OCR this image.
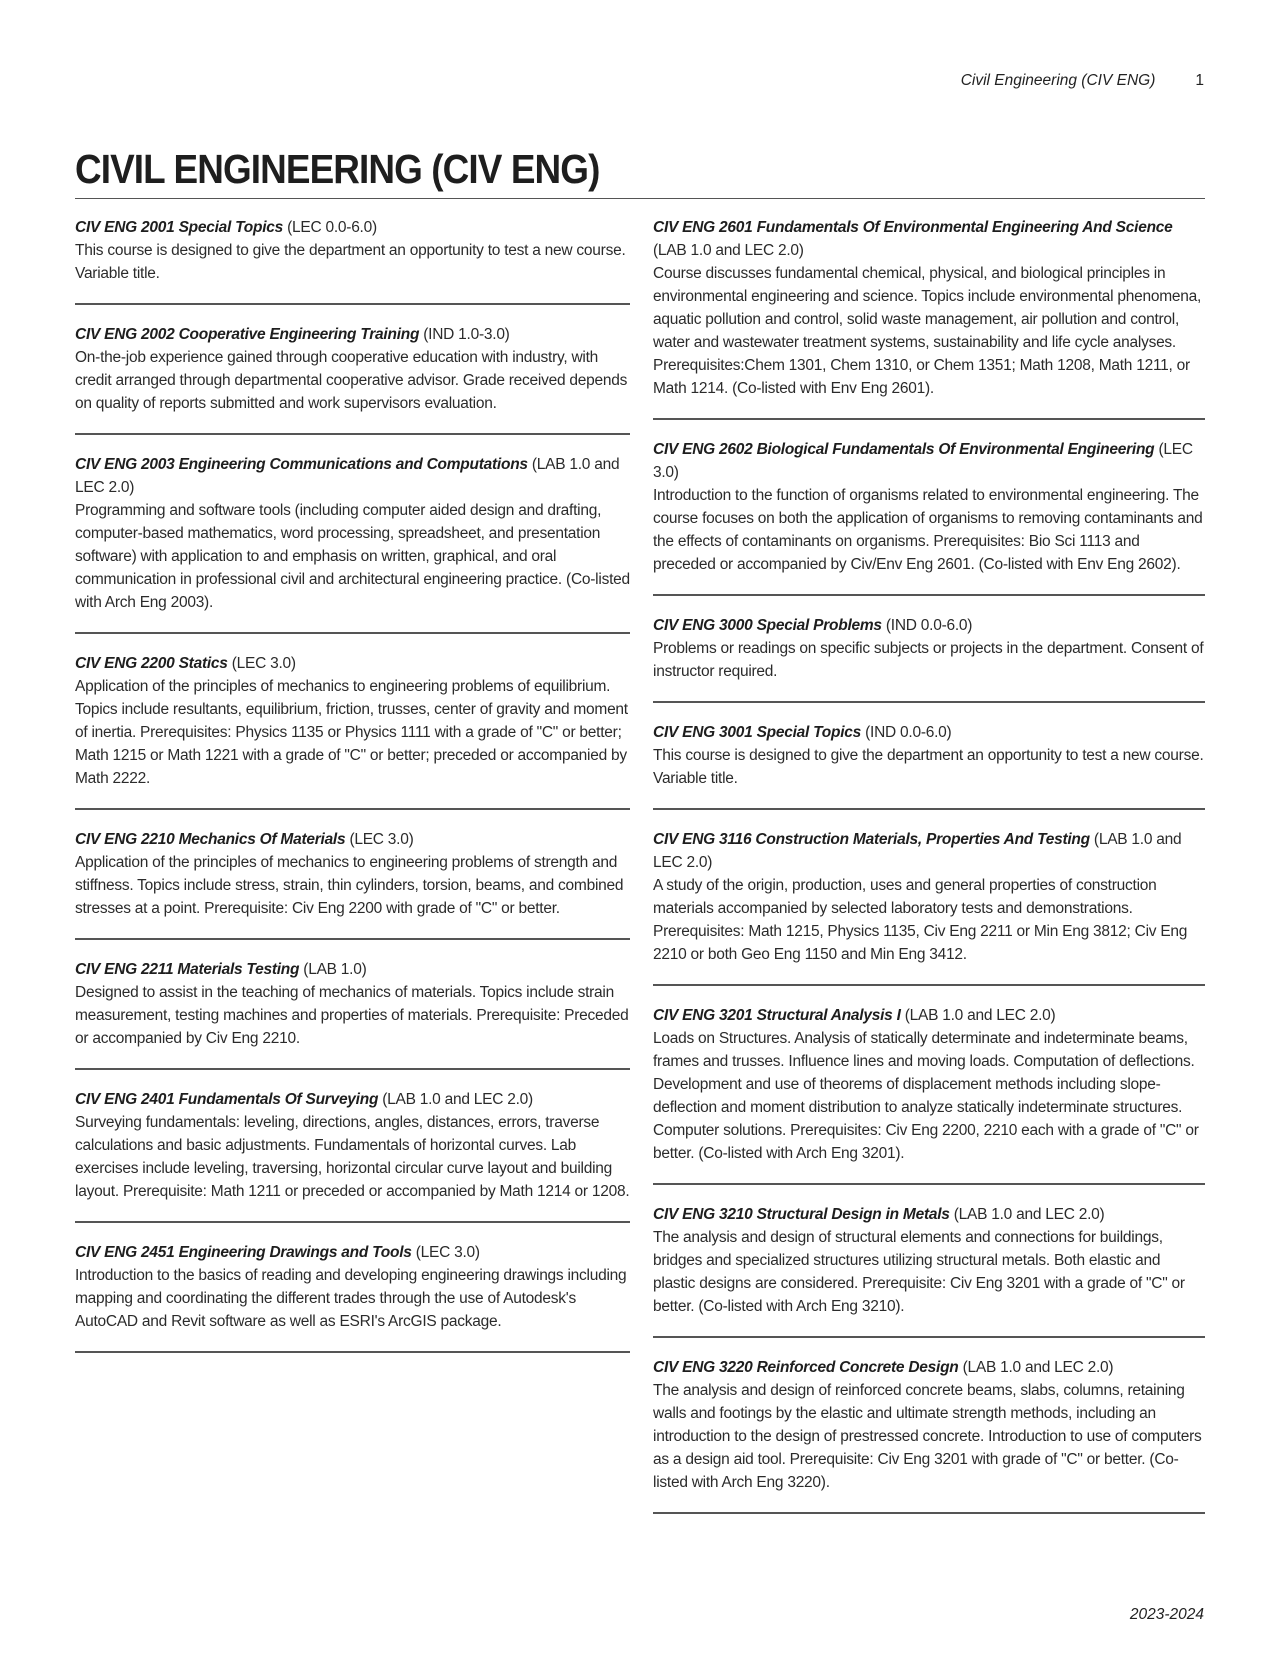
Civil Engineering (CIV ENG)	1
CIVIL ENGINEERING (CIV ENG)
CIV ENG 2001 Special Topics (LEC 0.0-6.0)
This course is designed to give the department an opportunity to test a new course. Variable title.
CIV ENG 2002 Cooperative Engineering Training (IND 1.0-3.0)
On-the-job experience gained through cooperative education with industry, with credit arranged through departmental cooperative advisor. Grade received depends on quality of reports submitted and work supervisors evaluation.
CIV ENG 2003 Engineering Communications and Computations (LAB 1.0 and LEC 2.0)
Programming and software tools (including computer aided design and drafting, computer-based mathematics, word processing, spreadsheet, and presentation software) with application to and emphasis on written, graphical, and oral communication in professional civil and architectural engineering practice. (Co-listed with Arch Eng 2003).
CIV ENG 2200 Statics (LEC 3.0)
Application of the principles of mechanics to engineering problems of equilibrium. Topics include resultants, equilibrium, friction, trusses, center of gravity and moment of inertia. Prerequisites: Physics 1135 or Physics 1111 with a grade of "C" or better; Math 1215 or Math 1221 with a grade of "C" or better; preceded or accompanied by Math 2222.
CIV ENG 2210 Mechanics Of Materials (LEC 3.0)
Application of the principles of mechanics to engineering problems of strength and stiffness. Topics include stress, strain, thin cylinders, torsion, beams, and combined stresses at a point. Prerequisite: Civ Eng 2200 with grade of "C" or better.
CIV ENG 2211 Materials Testing (LAB 1.0)
Designed to assist in the teaching of mechanics of materials. Topics include strain measurement, testing machines and properties of materials. Prerequisite: Preceded or accompanied by Civ Eng 2210.
CIV ENG 2401 Fundamentals Of Surveying (LAB 1.0 and LEC 2.0)
Surveying fundamentals: leveling, directions, angles, distances, errors, traverse calculations and basic adjustments. Fundamentals of horizontal curves. Lab exercises include leveling, traversing, horizontal circular curve layout and building layout. Prerequisite: Math 1211 or preceded or accompanied by Math 1214 or 1208.
CIV ENG 2451 Engineering Drawings and Tools (LEC 3.0)
Introduction to the basics of reading and developing engineering drawings including mapping and coordinating the different trades through the use of Autodesk's AutoCAD and Revit software as well as ESRI's ArcGIS package.
CIV ENG 2601 Fundamentals Of Environmental Engineering And Science (LAB 1.0 and LEC 2.0)
Course discusses fundamental chemical, physical, and biological principles in environmental engineering and science. Topics include environmental phenomena, aquatic pollution and control, solid waste management, air pollution and control, water and wastewater treatment systems, sustainability and life cycle analyses. Prerequisites:Chem 1301, Chem 1310, or Chem 1351; Math 1208, Math 1211, or Math 1214. (Co-listed with Env Eng 2601).
CIV ENG 2602 Biological Fundamentals Of Environmental Engineering (LEC 3.0)
Introduction to the function of organisms related to environmental engineering. The course focuses on both the application of organisms to removing contaminants and the effects of contaminants on organisms. Prerequisites: Bio Sci 1113 and preceded or accompanied by Civ/Env Eng 2601. (Co-listed with Env Eng 2602).
CIV ENG 3000 Special Problems (IND 0.0-6.0)
Problems or readings on specific subjects or projects in the department. Consent of instructor required.
CIV ENG 3001 Special Topics (IND 0.0-6.0)
This course is designed to give the department an opportunity to test a new course. Variable title.
CIV ENG 3116 Construction Materials, Properties And Testing (LAB 1.0 and LEC 2.0)
A study of the origin, production, uses and general properties of construction materials accompanied by selected laboratory tests and demonstrations. Prerequisites: Math 1215, Physics 1135, Civ Eng 2211 or Min Eng 3812; Civ Eng 2210 or both Geo Eng 1150 and Min Eng 3412.
CIV ENG 3201 Structural Analysis I (LAB 1.0 and LEC 2.0)
Loads on Structures. Analysis of statically determinate and indeterminate beams, frames and trusses. Influence lines and moving loads. Computation of deflections. Development and use of theorems of displacement methods including slope-deflection and moment distribution to analyze statically indeterminate structures. Computer solutions. Prerequisites: Civ Eng 2200, 2210 each with a grade of "C" or better. (Co-listed with Arch Eng 3201).
CIV ENG 3210 Structural Design in Metals (LAB 1.0 and LEC 2.0)
The analysis and design of structural elements and connections for buildings, bridges and specialized structures utilizing structural metals. Both elastic and plastic designs are considered. Prerequisite: Civ Eng 3201 with a grade of "C" or better. (Co-listed with Arch Eng 3210).
CIV ENG 3220 Reinforced Concrete Design (LAB 1.0 and LEC 2.0)
The analysis and design of reinforced concrete beams, slabs, columns, retaining walls and footings by the elastic and ultimate strength methods, including an introduction to the design of prestressed concrete. Introduction to use of computers as a design aid tool. Prerequisite: Civ Eng 3201 with grade of "C" or better. (Co-listed with Arch Eng 3220).
2023-2024
